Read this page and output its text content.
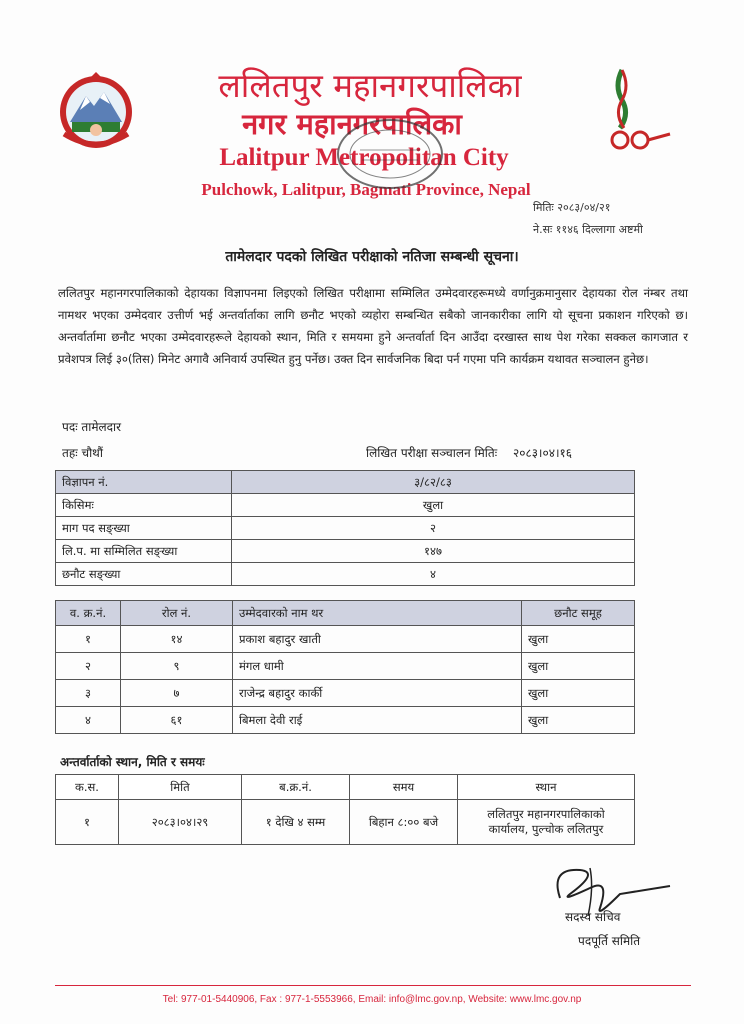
ललितपुर महानगरपालिका
नगर महानगरपालिका
Lalitpur Metropolitan City
Pulchowk, Lalitpur, Bagmati Province, Nepal
मितिः २०८३/०४/२१
ने.सः ११४६ दिल्लागा अष्टमी
तामेलदार पदको लिखित परीक्षाको नतिजा सम्बन्धी सूचना।
ललितपुर महानगरपालिकाको देहायका विज्ञापनमा लिइएको लिखित परीक्षामा सम्मिलित उम्मेदवारहरूमध्ये वर्णानुक्रमानुसार देहायका रोल नंम्बर तथा नामथर भएका उम्मेदवार उत्तीर्ण भई अन्तर्वार्ताका लागि छनौट भएको व्यहोरा सम्बन्धित सबैको जानकारीका लागि यो सूचना प्रकाशन गरिएको छ। अन्तर्वार्तामा छनौट भएका उम्मेदवारहरूले देहायको स्थान, मिति र समयमा हुने अन्तर्वार्ता दिन आउँदा दरखास्त साथ पेश गरेका सक्कल कागजात र प्रवेशपत्र लिई ३०(तिस) मिनेट अगावै अनिवार्य उपस्थित हुनु पर्नेछ। उक्त दिन सार्वजनिक बिदा पर्न गएमा पनि कार्यक्रम यथावत सञ्चालन हुनेछ।
पदः तामेलदार
तहः चौथौं	लिखित परीक्षा सञ्चालन मितिः २०८३।०४।१६
विज्ञापन नं.	३/८२/८३
किसिमः	खुला
माग पद सङ्ख्या	२
लि.प. मा सम्मिलित सङ्ख्या	१४७
छनौट सङ्ख्या	४
व. क्र.नं.	रोल नं.	उम्मेदवारको नाम थर	छनौट समूह
१	१४	प्रकाश बहादुर खाती	खुला
२	९	मंगल धामी	खुला
३	७	राजेन्द्र बहादुर कार्की	खुला
४	६१	बिमला देवी राई	खुला
अन्तर्वार्ताको स्थान, मिति र समयः
क.स.	मिति	ब.क्र.नं.	समय	स्थान
१	२०८३।०४।२९	१ देखि ४ सम्म	बिहान ८:०० बजे	ललितपुर महानगरपालिकाको
कार्यालय, पुल्चोक ललितपुर
सदस्य सचिव
पदपूर्ति समिति
Tel: 977-01-5440906, Fax : 977-1-5553966, Email: info@lmc.gov.np, Website: www.lmc.gov.np
